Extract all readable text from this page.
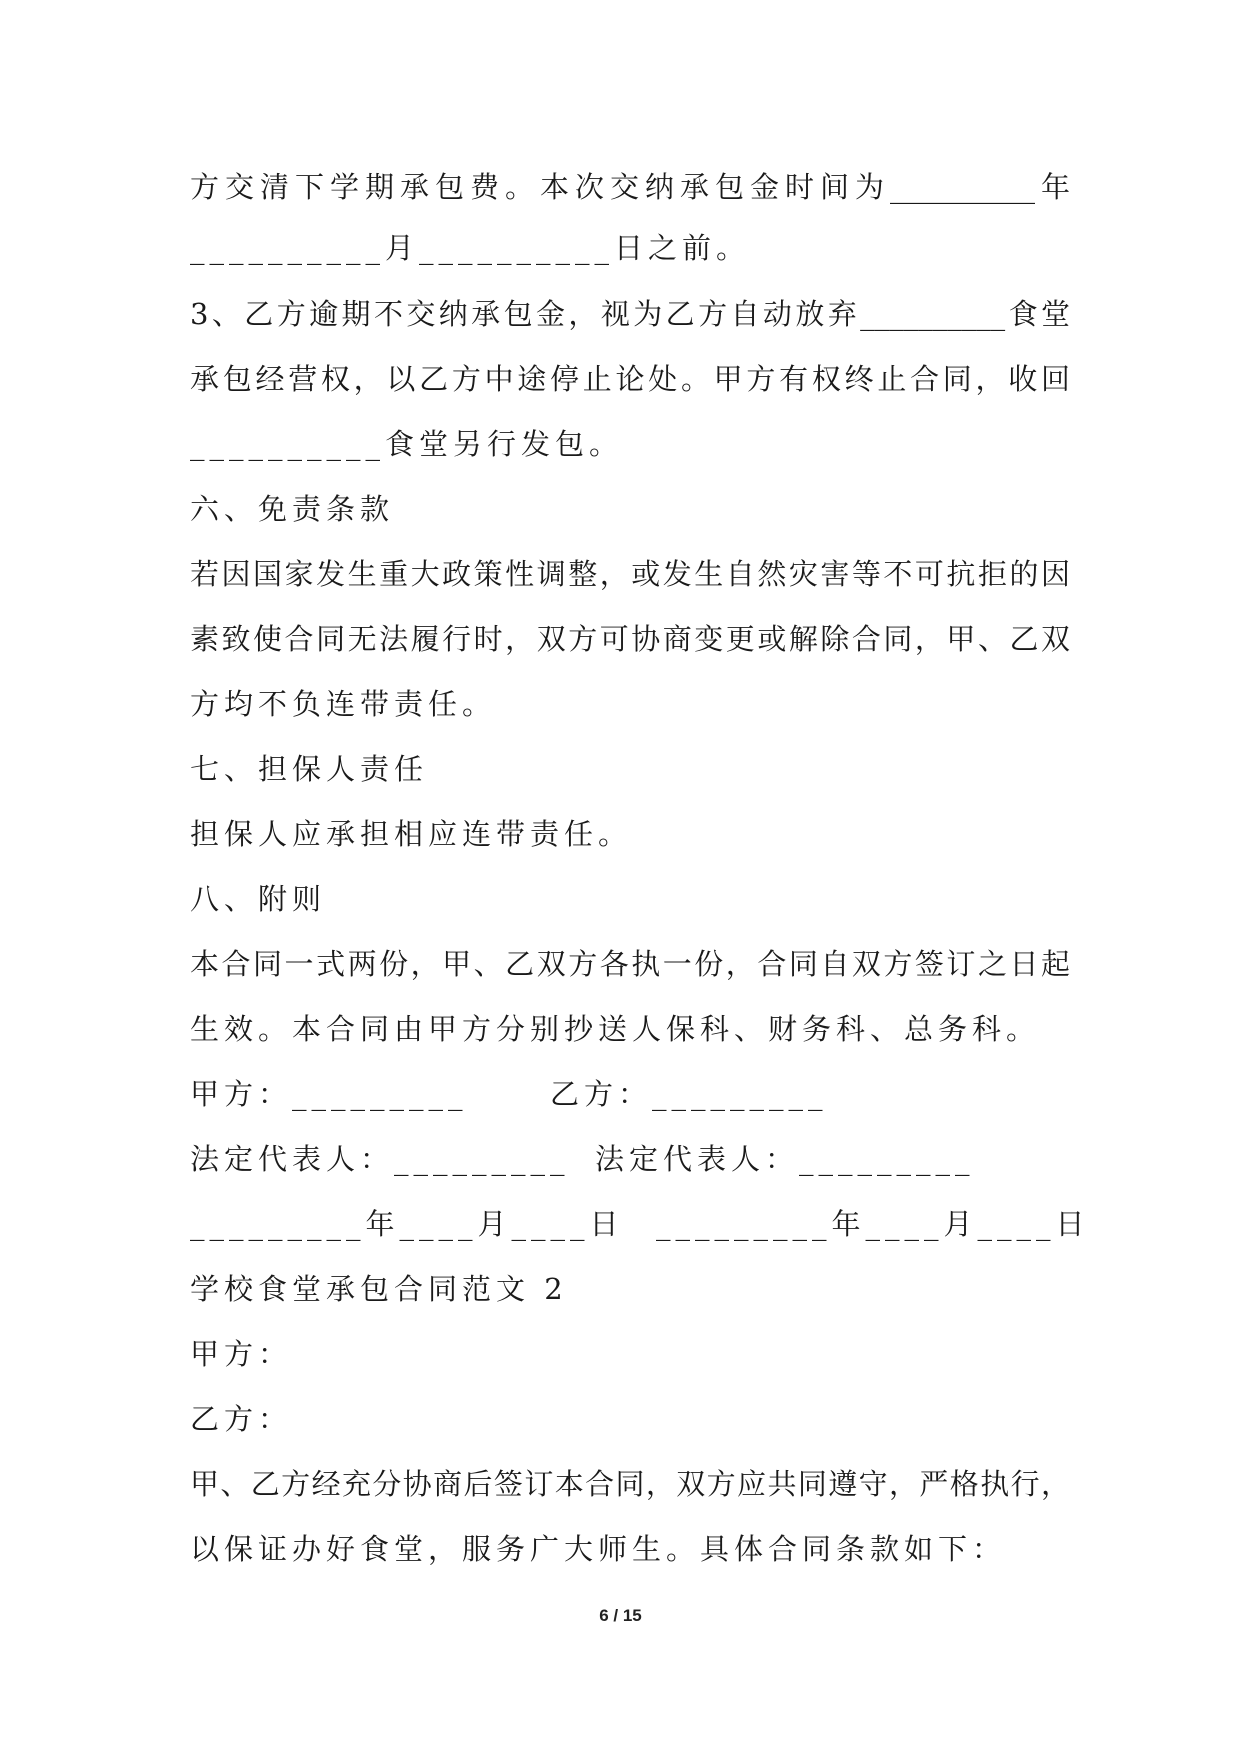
方交清下学期承包费。本次交纳承包金时间为__________年
__________月__________日之前。
3、乙方逾期不交纳承包金，视为乙方自动放弃__________食堂
承包经营权，以乙方中途停止论处。甲方有权终止合同，收回
__________食堂另行发包。
六、免责条款
若因国家发生重大政策性调整，或发生自然灾害等不可抗拒的因
素致使合同无法履行时，双方可协商变更或解除合同，甲、乙双
方均不负连带责任。
七、担保人责任
担保人应承担相应连带责任。
八、附则
本合同一式两份，甲、乙双方各执一份，合同自双方签订之日起
生效。本合同由甲方分别抄送人保科、财务科、总务科。
甲方：_________	乙方：_________
法定代表人：_________ 法定代表人：_________
_________年____月____日 _________年____月____日
学校食堂承包合同范文 2
甲方：
乙方：
甲、乙方经充分协商后签订本合同，双方应共同遵守，严格执行，
以保证办好食堂，服务广大师生。具体合同条款如下：
6 / 15
